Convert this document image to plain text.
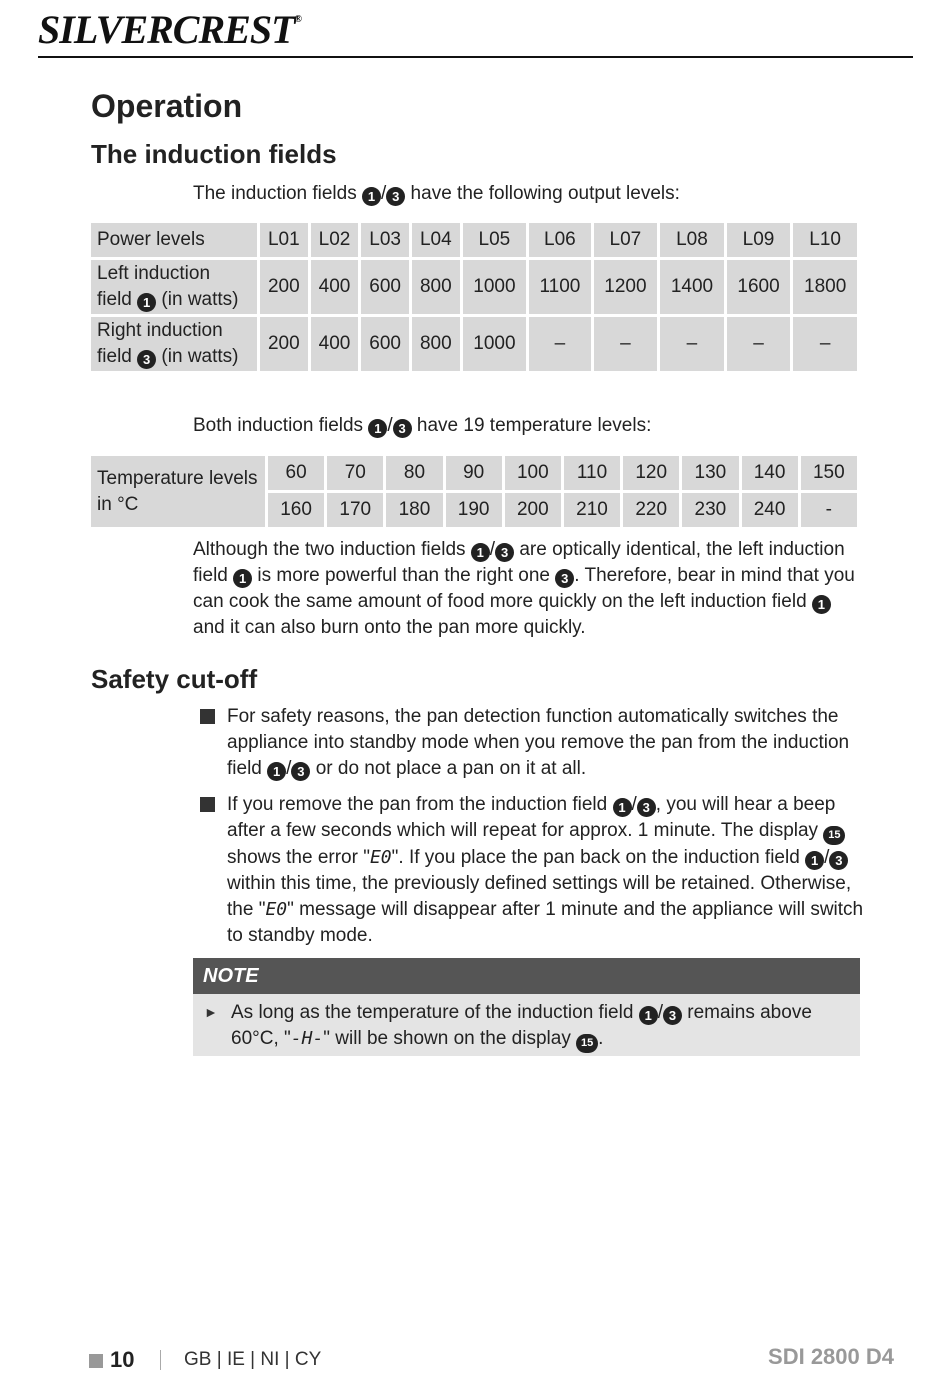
SILVERCREST®
Operation
The induction fields
The induction fields 1 / 3 have the following output levels:
Power levels	L01	L02	L03	L04	L05	L06	L07	L08	L09	L10
Left induction
field 1 (in watts)	200	400	600	800	1000	1100	1200	1400	1600	1800
Right induction
field 3 (in watts)	200	400	600	800	1000	–	–	–	–	–
Both induction fields 1 / 3 have 19 temperature levels:
Temperature levels
in °C	60	70	80	90	100	110	120	130	140	150
	160	170	180	190	200	210	220	230	240	-
Although the two induction fields 1 / 3 are optically identical, the left induction
field 1 is more powerful than the right one 3 . Therefore, bear in mind that you
can cook the same amount of food more quickly on the left induction field 1
and it can also burn onto the pan more quickly.
Safety cut-off
For safety reasons, the pan detection function automatically switches the
appliance into standby mode when you remove the pan from the induction
field 1 / 3 or do not place a pan on it at all.
If you remove the pan from the induction field 1 / 3 , you will hear a beep
after a few seconds which will repeat for approx. 1 minute. The display 15
shows the error "E0". If you place the pan back on the induction field 1 / 3
within this time, the previously defined settings will be retained. Otherwise,
the "E0" message will disappear after 1 minute and the appliance will switch
to standby mode.
NOTE
► As long as the temperature of the induction field 1 / 3 remains above
60°C, "-H-" will be shown on the display 15 .
10	GB | IE | NI | CY	SDI 2800 D4
